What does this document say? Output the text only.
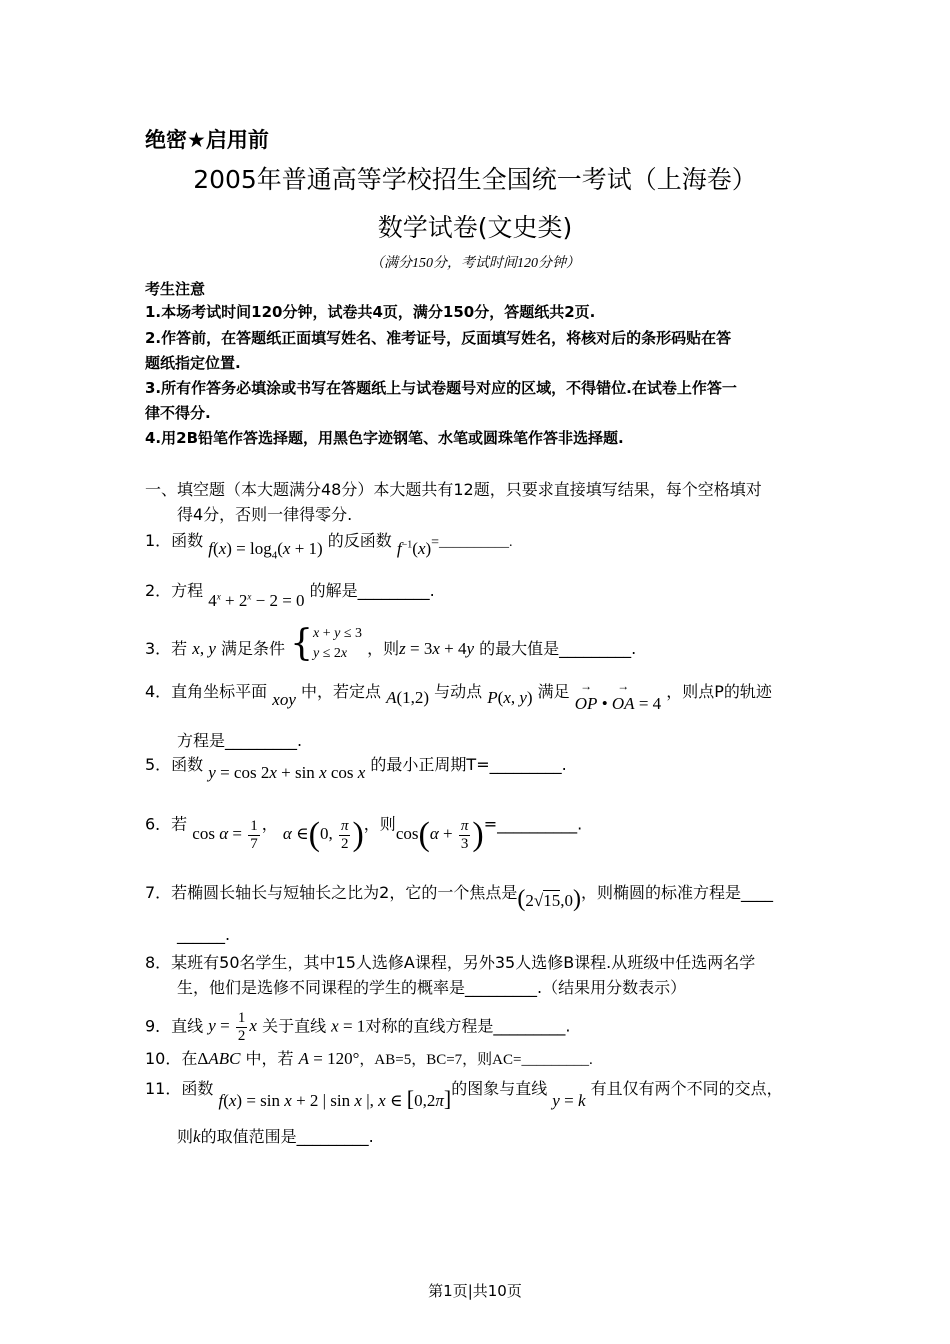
绝密★启用前
2005年普通高等学校招生全国统一考试（上海卷）
数学试卷(文史类)
（满分150分，考试时间120分钟）
考生注意
1.本场考试时间120分钟，试卷共4页，满分150分，答题纸共2页.
2.作答前，在答题纸正面填写姓名、准考证号，反面填写姓名，将核对后的条形码贴在答
题纸指定位置.
3.所有作答务必填涂或书写在答题纸上与试卷题号对应的区域，不得错位.在试卷上作答一
律不得分.
4.用2B铅笔作答选择题，用黑色字迹钢笔、水笔或圆珠笔作答非选择题.
一、填空题（本大题满分48分）本大题共有12题，只要求直接填写结果，每个空格填对
得4分，否则一律得零分.
1．函数 $f(x) = \log_4(x + 1)$ 的反函数 $f^{-1}(x)=\_\_\_\_\_\_\_\_\_\_$.
2．方程 $4^x + 2^x - 2 = 0$ 的解是_________.
3．若 x, y 满足条件 {x + y ≤ 3
y ≤ 2x ，则z = 3x + 4y 的最大值是_________.
4．直角坐标平面 xoy 中，若定点 A(1,2) 与动点 P(x, y) 满足 → OP • → OA = 4 ，则点P的轨迹
方程是_________.
5．函数 y = cos 2x + sin x cos x 的最小正周期T=_________.
6．若 $\cos \alpha = \frac{1}{7}$ ， α ∈(0, $\frac{\pi}{2}$ )，则$\cos(\alpha + \frac{\pi}{3}$ )=__________.
7．若椭圆长轴长与短轴长之比为2，它的一个焦点是(2√15,0)，则椭圆的标准方程是____
______.
8．某班有50名学生，其中15人选修A课程，另外35人选修B课程.从班级中任选两名学
生，他们是选修不同课程的学生的概率是_________.（结果用分数表示）
9．直线 $y = \frac{1}{2}$ x 关于直线 x = 1对称的直线方程是_________.
10．在ΔABC 中，若 A = 120°，AB=5，BC=7，则AC=_________.
11．函数 f(x) = sin x + 2 | sin x |, x ∈ [0,2π]的图象与直线 y = k 有且仅有两个不同的交点，
则k的取值范围是_________.
第1页|共10页
